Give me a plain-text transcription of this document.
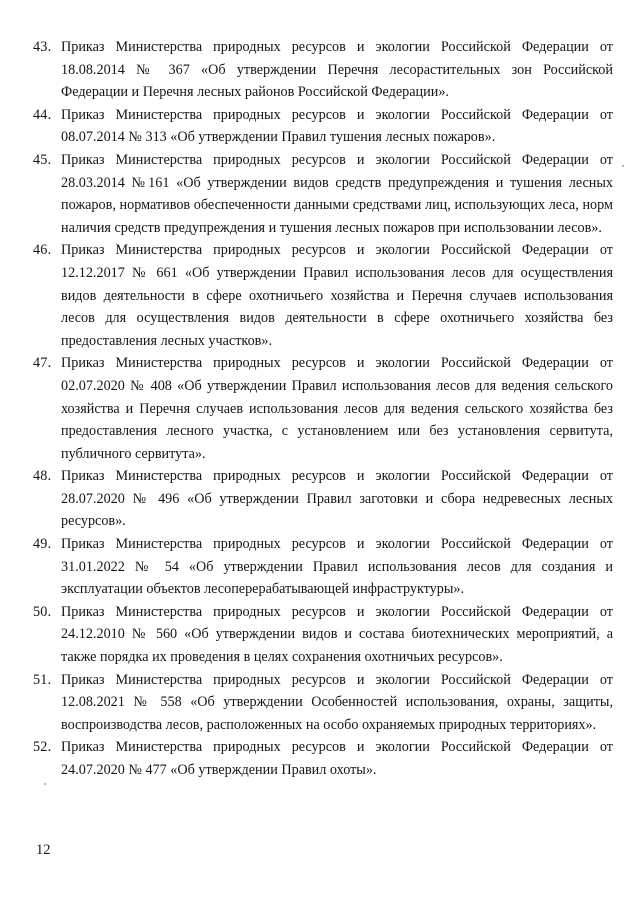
43. Приказ Министерства природных ресурсов и экологии Российской Федерации от 18.08.2014 № 367 «Об утверждении Перечня лесорастительных зон Российской Федерации и Перечня лесных районов Российской Федерации».
44. Приказ Министерства природных ресурсов и экологии Российской Федерации от 08.07.2014 № 313 «Об утверждении Правил тушения лесных пожаров».
45. Приказ Министерства природных ресурсов и экологии Российской Федерации от 28.03.2014 №161 «Об утверждении видов средств предупреждения и тушения лесных пожаров, нормативов обеспеченности данными средствами лиц, использующих леса, норм наличия средств предупреждения и тушения лесных пожаров при использовании лесов».
46. Приказ Министерства природных ресурсов и экологии Российской Федерации от 12.12.2017 № 661 «Об утверждении Правил использования лесов для осуществления видов деятельности в сфере охотничьего хозяйства и Перечня случаев использования лесов для осуществления видов деятельности в сфере охотничьего хозяйства без предоставления лесных участков».
47. Приказ Министерства природных ресурсов и экологии Российской Федерации от 02.07.2020 № 408 «Об утверждении Правил использования лесов для ведения сельского хозяйства и Перечня случаев использования лесов для ведения сельского хозяйства без предоставления лесного участка, с установлением или без установления сервитута, публичного сервитута».
48. Приказ Министерства природных ресурсов и экологии Российской Федерации от 28.07.2020 № 496 «Об утверждении Правил заготовки и сбора недревесных лесных ресурсов».
49. Приказ Министерства природных ресурсов и экологии Российской Федерации от 31.01.2022 № 54 «Об утверждении Правил использования лесов для создания и эксплуатации объектов лесоперерабатывающей инфраструктуры».
50. Приказ Министерства природных ресурсов и экологии Российской Федерации от 24.12.2010 № 560 «Об утверждении видов и состава биотехнических мероприятий, а также порядка их проведения в целях сохранения охотничьих ресурсов».
51. Приказ Министерства природных ресурсов и экологии Российской Федерации от 12.08.2021 № 558 «Об утверждении Особенностей использования, охраны, защиты, воспроизводства лесов, расположенных на особо охраняемых природных территориях».
52. Приказ Министерства природных ресурсов и экологии Российской Федерации от 24.07.2020 № 477 «Об утверждении Правил охоты».
12
